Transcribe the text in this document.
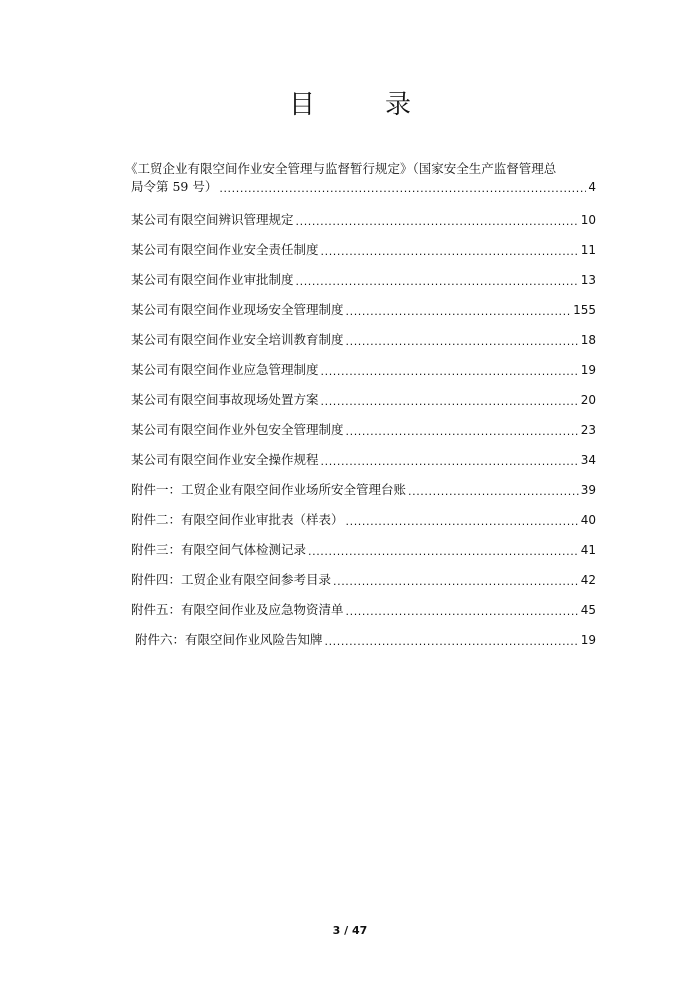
目　录
《工贸企业有限空间作业安全管理与监督暂行规定》（国家安全生产监督管理总
局令第 59 号） .....	4
某公司有限空间辨识管理规定 .....	10
某公司有限空间作业安全责任制度 .....	11
某公司有限空间作业审批制度 .....	13
某公司有限空间作业现场安全管理制度 .....	155
某公司有限空间作业安全培训教育制度 .....	18
某公司有限空间作业应急管理制度 .....	19
某公司有限空间事故现场处置方案 .....	20
某公司有限空间作业外包安全管理制度 .....	23
某公司有限空间作业安全操作规程 .....	34
附件一：工贸企业有限空间作业场所安全管理台账 .....	39
附件二：有限空间作业审批表（样表） .....	40
附件三：有限空间气体检测记录 .....	41
附件四：工贸企业有限空间参考目录 .....	42
附件五：有限空间作业及应急物资清单 .....	45
附件六：有限空间作业风险告知牌 .....	19
3 / 47
